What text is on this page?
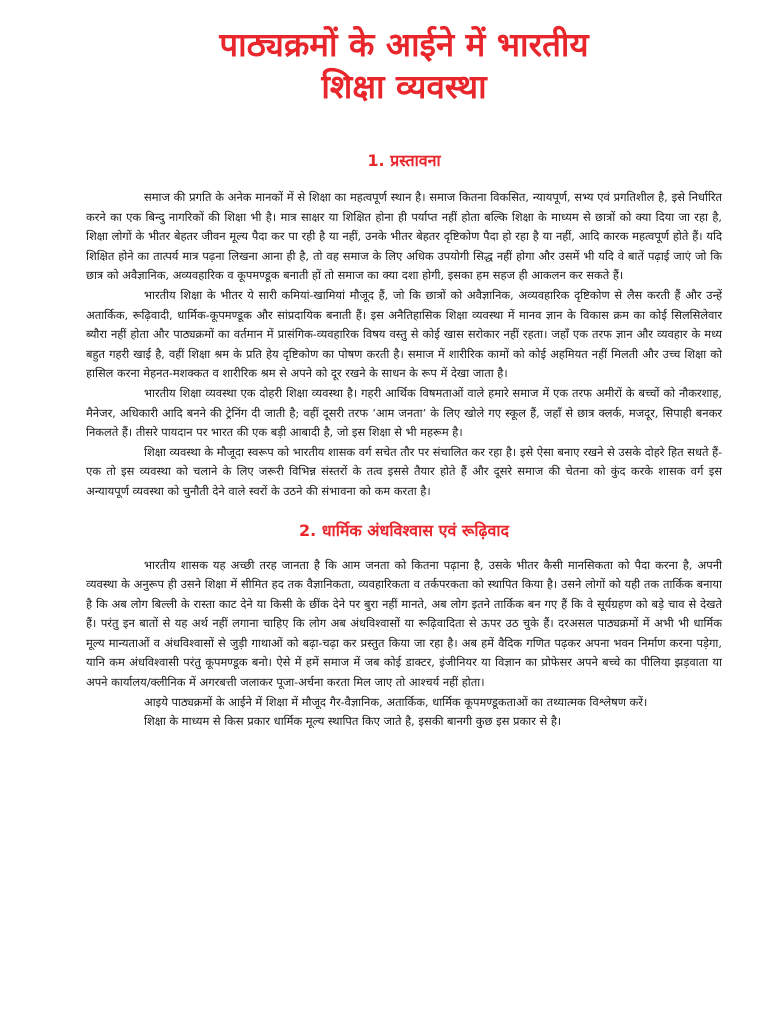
पाठ्यक्रमों के आईने में भारतीय
शिक्षा व्यवस्था
1. प्रस्तावना

समाज की प्रगति के अनेक मानकों में से शिक्षा का महत्वपूर्ण स्थान है। समाज कितना विकसित, न्यायपूर्ण, सभ्य एवं प्रगतिशील है, इसे निर्धारित करने का एक बिन्दु नागरिकों की शिक्षा भी है। मात्र साक्षर या शिक्षित होना ही पर्याप्त नहीं होता बल्कि शिक्षा के माध्यम से छात्रों को क्या दिया जा रहा है, शिक्षा लोगों के भीतर बेहतर जीवन मूल्य पैदा कर पा रही है या नहीं, उनके भीतर बेहतर दृष्टिकोण पैदा हो रहा है या नहीं, आदि कारक महत्वपूर्ण होते हैं। यदि शिक्षित होने का तात्पर्य मात्र पढ़ना लिखना आना ही है, तो वह समाज के लिए अधिक उपयोगी सिद्ध नहीं होगा और उसमें भी यदि वे बातें पढ़ाई जाएं जो कि छात्र को अवैज्ञानिक, अव्यवहारिक व कूपमण्डूक बनाती हों तो समाज का क्या दशा होगी, इसका हम सहज ही आकलन कर सकते हैं।

भारतीय शिक्षा के भीतर ये सारी कमियां-खामियां मौजूद हैं, जो कि छात्रों को अवैज्ञानिक, अव्यवहारिक दृष्टिकोण से लैस करती हैं और उन्हें अतार्किक, रूढ़िवादी, धार्मिक-कूपमण्डूक और सांप्रदायिक बनाती हैं। इस अनैतिहासिक शिक्षा व्यवस्था में मानव ज्ञान के विकास क्रम का कोई सिलसिलेवार ब्यौरा नहीं होता और पाठ्यक्रमों का वर्तमान में प्रासंगिक-व्यवहारिक विषय वस्तु से कोई खास सरोकार नहीं रहता। जहाँ एक तरफ ज्ञान और व्यवहार के मध्य बहुत गहरी खाई है, वहीं शिक्षा श्रम के प्रति हेय दृष्टिकोण का पोषण करती है। समाज में शारीरिक कामों को कोई अहमियत नहीं मिलती और उच्च शिक्षा को हासिल करना मेहनत-मशक्कत व शारीरिक श्रम से अपने को दूर रखने के साधन के रूप में देखा जाता है।

भारतीय शिक्षा व्यवस्था एक दोहरी शिक्षा व्यवस्था है। गहरी आर्थिक विषमताओं वाले हमारे समाज में एक तरफ अमीरों के बच्चों को नौकरशाह, मैनेजर, अधिकारी आदि बनने की ट्रेनिंग दी जाती है; वहीं दूसरी तरफ ‘आम जनता’ के लिए खोले गए स्कूल हैं, जहाँ से छात्र क्लर्क, मजदूर, सिपाही बनकर निकलते हैं। तीसरे पायदान पर भारत की एक बड़ी आबादी है, जो इस शिक्षा से भी महरूम है।

शिक्षा व्यवस्था के मौजूदा स्वरूप को भारतीय शासक वर्ग सचेत तौर पर संचालित कर रहा है। इसे ऐसा बनाए रखने से उसके दोहरे हित सधते हैं- एक तो इस व्यवस्था को चलाने के लिए जरूरी विभिन्न संस्तरों के तत्व इससे तैयार होते हैं और दूसरे समाज की चेतना को कुंद करके शासक वर्ग इस अन्यायपूर्ण व्यवस्था को चुनौती देने वाले स्वरों के उठने की संभावना को कम करता है।

2. धार्मिक अंधविश्वास एवं रूढ़िवाद

भारतीय शासक यह अच्छी तरह जानता है कि आम जनता को कितना पढ़ाना है, उसके भीतर कैसी मानसिकता को पैदा करना है, अपनी व्यवस्था के अनुरूप ही उसने शिक्षा में सीमित हद तक वैज्ञानिकता, व्यवहारिकता व तर्कपरकता को स्थापित किया है। उसने लोगों को यही तक तार्किक बनाया है कि अब लोग बिल्ली के रास्ता काट देने या किसी के छींक देने पर बुरा नहीं मानते, अब लोग इतने तार्किक बन गए हैं कि वे सूर्यग्रहण को बड़े चाव से देखते हैं। परंतु इन बातों से यह अर्थ नहीं लगाना चाहिए कि लोग अब अंधविश्वासों या रूढ़िवादिता से ऊपर उठ चुके हैं। दरअसल पाठ्यक्रमों में अभी भी धार्मिक मूल्य मान्यताओं व अंधविश्वासों से जुड़ी गाथाओं को बढ़ा-चढ़ा कर प्रस्तुत किया जा रहा है। अब हमें वैदिक गणित पढ़कर अपना भवन निर्माण करना पड़ेगा, यानि कम अंधविश्वासी परंतु कूपमण्डूक बनो। ऐसे में हमें समाज में जब कोई डाक्टर, इंजीनियर या विज्ञान का प्रोफेसर अपने बच्चे का पीलिया झड़वाता या अपने कार्यालय/क्लीनिक में अगरबत्ती जलाकर पूजा-अर्चना करता मिल जाए तो आश्चर्य नहीं होता।

आइये पाठ्यक्रमों के आईने में शिक्षा में मौजूद गैर-वैज्ञानिक, अतार्किक, धार्मिक कूपमण्डूकताओं का तथ्यात्मक विश्लेषण करें।

शिक्षा के माध्यम से किस प्रकार धार्मिक मूल्य स्थापित किए जाते है, इसकी बानगी कुछ इस प्रकार से है।
